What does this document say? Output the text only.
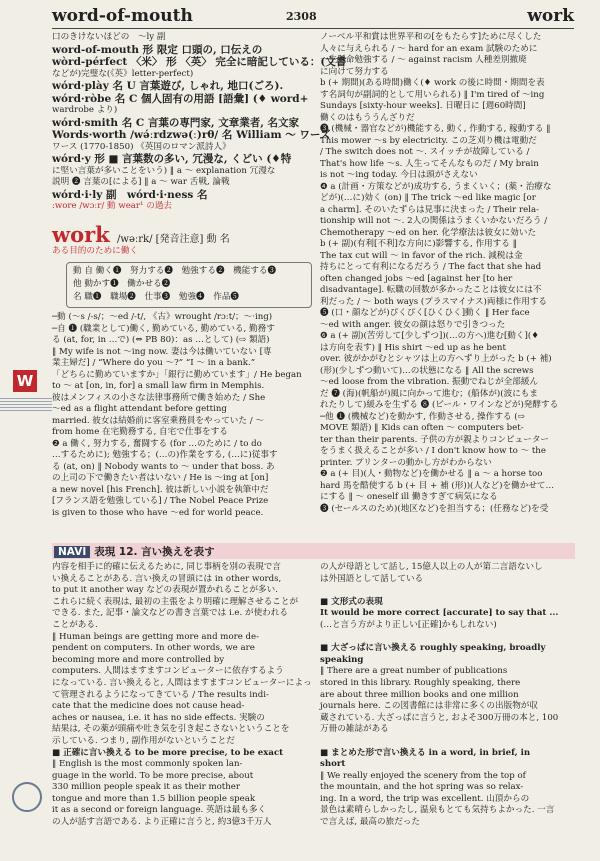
word-of-mouth	2308	work
W

口のきけないほどの　～ly 副

word-of-mouth 形 限定 口頭の, 口伝えの

wòrd-pérfect 〈米〉 形 〈英〉 完全に暗記している：(文書

などが)完璧な(《英》letter-perfect)

wórd·plày 名 U 言葉遊び, しゃれ, 地口(ごろ).

wórd·ròbe 名 C 個人固有の用語 [語彙] (♦ word+

wardrobe より)

wórd·smith 名 C 言葉の専門家, 文章業者, 名文家

Words·worth /wə́ːrdzwə(ː)rθ/ 名 William ～ ワーズ

ワース (1770-1850) 《英国のロマン派詩人》

wórd·y 形 ■ 言葉数の多い, 冗漫な, くどい (♦特

に堅い言葉が多いことをいう) ‖ a ～ explanation 冗漫な

説明 ❷ 言葉の[による] ‖ a ～ war 舌戦, 論戦

wórd·i·ly 副　wórd·i·ness 名

:wore /wɔːr/ 動 wear¹ の過去

work /wəːrk/ [発音注意] 動 名

ある目的のために働く

動 自 働く❶　努力する❷　勉強する❷　機能する❸

他 動かす❶　働かせる❷

名 職❶　職場❷　仕事❸　勉強❹　作品❺

─動 (～s /-s/；～ed /-t/, 《古》wrought /rɔːt/；～·ing)

─自 ❶ (職業として)働く, 勤めている, 勤めている, 勤務す

る (at, for, in …で) (⇔ PB 80)：as …として) (⇨ 類語)

‖ My wife is not ～ing now. 妻は今は働いていない [専

業主婦だ] / “Where do you ～?” “I ～ in a bank.”

「どちらに勤めていますか」「銀行に勤めています」/ He began

to ～ at [on, in, for] a small law firm in Memphis.

彼はメンフィスの小さな法律事務所で働き始めた / She

～ed as a flight attendant before getting

married. 彼女は結婚前に客室乗務員をやっていた / ～

from home 在宅勤務する, 自宅で仕事をする

❷ a 働く, 努力する, 奮闘する (for …のために / to do

…するために); 勉強する；(…の)作業をする, (…に)従事す

る (at, on) ‖ Nobody wants to ～ under that boss. あ

の上司の下で働きたい者はいない / He is ～ing at [on]

a new novel [his French]. 彼は新しい小説を執筆中だ

[フランス語を勉強している] / The Nobel Peace Prize

is given to those who have ～ed for world peace.

ノーベル平和賞は世界平和の[をもたらす]ために尽くした

人々に与えられる / ～ hard for an exam 試験のために

一生懸命勉強する / ～ against racism 人種差別撤廃

に向けて努力する

b (+ 期間)(ある時間)働く(♦ work の後に時間・期間を表

す名詞句が副詞的として用いられる) ‖ I'm tired of ～ing

Sundays [sixty-hour weeks]. 日曜日に [週60時間]

働くのはもううんざりだ

❸ (機械・器官などが)機能する, 動く, 作動する, 稼動する ‖

This mower ～s by electricity. この芝刈り機は電動だ

/ The switch does not ～. スイッチが故障している /

That's how life ～s. 人生ってそんなものだ / My brain

is not ～ing today. 今日は頭がさえない

❹ a (計画・方策などが)成功する, うまくいく；(薬・治療な

どが)(…に)効く (on) ‖ The trick ～ed like magic [or

a charm]. そのいたずらは見事に決まった / Their rela-

tionship will not ～. 2人の関係はうまくいかないだろう /

Chemotherapy ～ed on her. 化学療法は彼女に効いた

b (+ 副)(有利[不利]な方向に)影響する, 作用する ‖

The tax cut will ～ in favor of the rich. 減税は金

持ちにとって有利になるだろう / The fact that she had

often changed jobs ～ed [against her [to her

disadvantage]. 転職の回数が多かったことは彼女には不

利だった / ～ both ways (プラスマイナス)両様に作用する

❺ (口・顔などが)ぴくぴく[ひくひく]動く ‖ Her face

～ed with anger. 彼女の顔は怒りで引きつった

❻ a (+ 副)(苦労して[少しずつ])(…の方へ)進む[動く](♦

は方向を表す) ‖ His shirt ～ed up as he bent

over. 彼がかがむとシャツは上の方へずり上がった b (+ 補)

(形)(少しずつ動いて)…の状態になる ‖ All the screws

～ed loose from the vibration. 振動でねじが全部緩ん

だ ❼ (海)(帆船が)風に向かって進む；(船体が)(波にもま

れたりして)緩みを生ずる ❽ (ビール・ワインなどが)発酵する

─他 ❶ (機械など)を動かす, 作動させる, 操作する (⇨

MOVE 類語) ‖ Kids can often ～ computers bet-

ter than their parents. 子供の方が親よりコンピューター

をうまく扱えることが多い / I don't know how to ～ the

printer. プリンターの動かし方がわからない

❷ a (+ 目)(人・動物など)を働かせる ‖ a ～ a horse too

hard 馬を酷使する b (+ 目 + 補 (形))(人など)を働かせて…

にする ‖ ～ oneself ill 働きすぎて病気になる

❸ (セールスのため)(地区など)を担当する；(任務など)を受

NAVI 表現 12. 言い換えを表す

内容を相手に的確に伝えるために, 同じ事柄を別の表現で言

い換えることがある. 言い換えの冒頭には in other words,

to put it another way などの表現が置かれることが多い.

これらに続く表現は, 最初の主張をより明確に理解させることが

できる. また, 記事・論文などの書き言葉では i.e. が使われる

ことがある.

‖ Human beings are getting more and more de-

pendent on computers. In other words, we are

becoming more and more controlled by

computers. 人間はますますコンピューターに依存するよう

になっている. 言い換えると, 人間はますますコンピューターによっ

て管理されるようになってきている / The results indi-

cate that the medicine does not cause head-

aches or nausea, i.e. it has no side effects. 実験の

結果は, その薬が頭痛や吐き気を引き起こさないということを

示している. つまり, 副作用がないということだ

■ 正確に言い換える to be more precise, to be exact

‖ English is the most commonly spoken lan-

guage in the world. To be more precise, about

330 million people speak it as their mother

tongue and more than 1.5 billion people speak

it as a second or foreign language. 英語は最も多く

の人が話す言語である. より正確に言うと, 約3億3千万人

の人が母語として話し, 15億人以上の人が第二言語ないし

は外国語として話している

■ 文形式の表現

It would be more correct [accurate] to say that ...

(…と言う方がより正しい[正確]かもしれない)

■ 大ざっぱに言い換える roughly speaking, broadly

speaking

‖ There are a great number of publications

stored in this library. Roughly speaking, there

are about three million books and one million

journals here. この図書館には非常に多くの出版物が収

蔵されている. 大ざっぱに言うと, およそ300万冊の本と, 100

万冊の雑誌がある

■ まとめた形で言い換える in a word, in brief, in

short

‖ We really enjoyed the scenery from the top of

the mountain, and the hot spring was so relax-

ing. In a word, the trip was excellent. 山頂からの

景色は素晴らしかったし, 温泉もとても気持ちよかった. 一言

で言えば, 最高の旅だった
